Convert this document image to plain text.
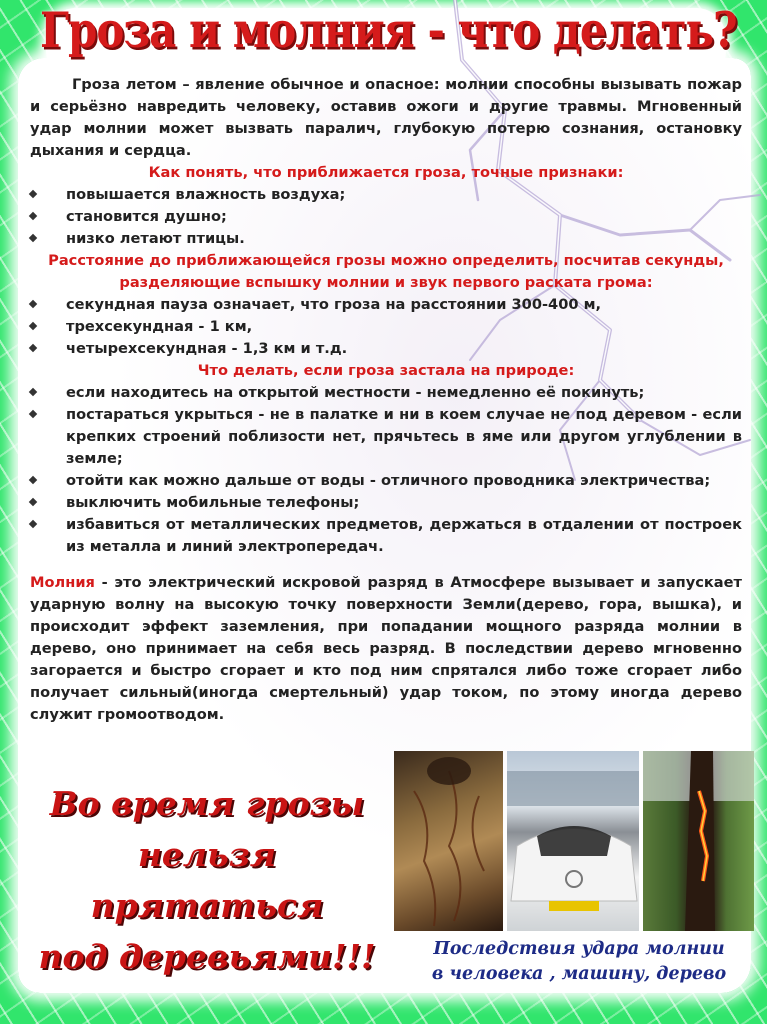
Гроза и молния - что делать?

Гроза летом – явление обычное и опасное: молнии способны вызывать пожар и серьёзно навредить человеку, оставив ожоги и другие травмы. Мгновенный удар молнии может вызвать паралич, глубокую потерю сознания, остановку дыхания и сердца.

Как понять, что приближается гроза, точные признаки:

повышается влажность воздуха;
становится душно;
низко летают птицы.

Расстояние до приближающейся грозы можно определить, посчитав секунды, разделяющие вспышку молнии и звук первого раската грома:

секундная пауза означает, что гроза на расстоянии 300-400 м,
трехсекундная - 1 км,
четырехсекундная - 1,3 км и т.д.

Что делать, если гроза застала на природе:

если находитесь на открытой местности - немедленно её покинуть;
постараться укрыться - не в палатке и ни в коем случае не под деревом - если крепких строений поблизости нет, прячьтесь в яме или другом углублении в земле;
отойти как можно дальше от воды - отличного проводника электричества;
выключить мобильные телефоны;
избавиться от металлических предметов, держаться в отдалении от построек из металла и линий электропередач.

Молния - это электрический искровой разряд в Атмосфере вызывает и запускает ударную волну на высокую точку поверхности Земли(дерево, гора, вышка), и происходит эффект заземления, при попадании мощного разряда молнии в дерево, оно принимает на себя весь разряд. В последствии дерево мгновенно загорается и быстро сгорает и кто под ним спрятался либо тоже сгорает либо получает сильный(иногда смертельный) удар током, по этому иногда дерево служит громоотводом.

Во время грозы
нельзя прятаться
под деревьями!!!	Последствия удара молнии
в человека , машину, дерево
